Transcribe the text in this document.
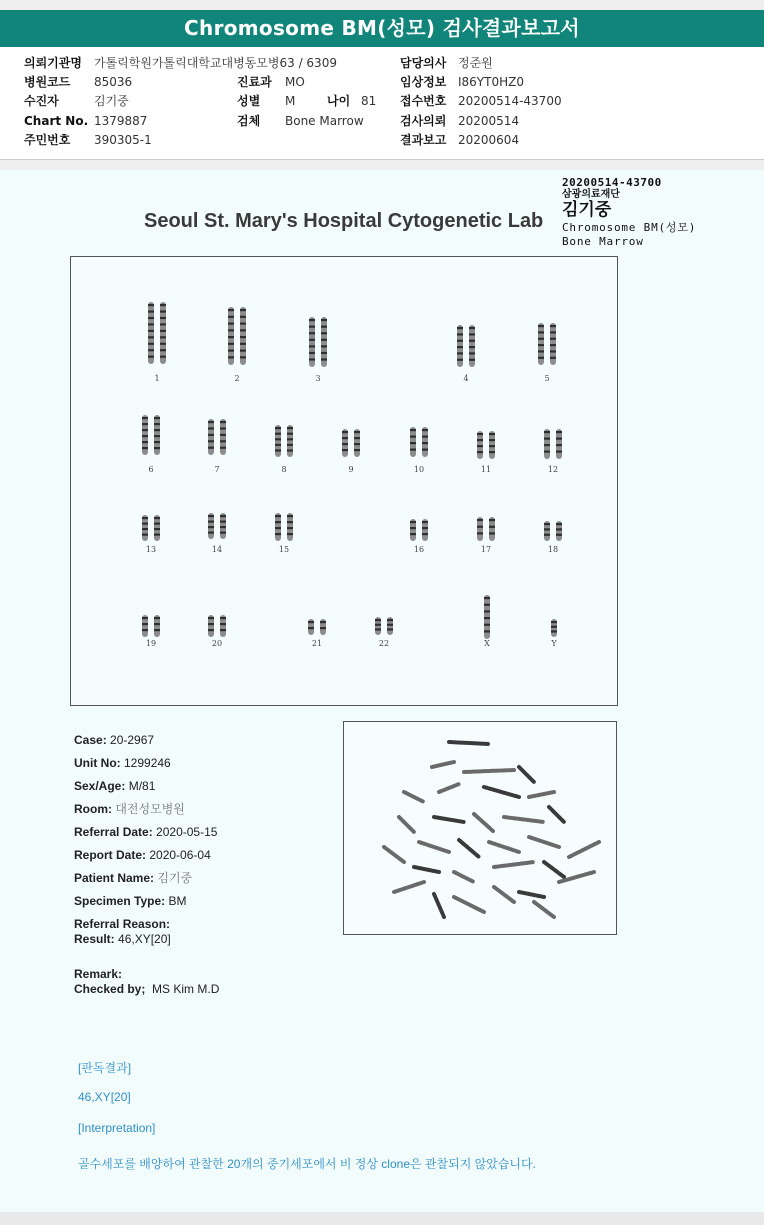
Chromosome BM(성모) 검사결과보고서
의뢰기관명 가톨릭학원가톨릭대학교대병동모병63 / 6309	담당의사 정준원
병원코드 85036	진료과 MO	임상정보 I86YT0HZ0
수진자	김기중	성별 M	나이 81 접수번호 20200514-43700
Chart No. 1379887	검체 Bone Marrow	검사의뢰 20200514
주민번호 390305-1	결과보고 20200604
20200514-43700
삼광의료재단
김기중
Chromosome BM(성모)
Bone Marrow
Seoul St. Mary's Hospital Cytogenetic Lab
1	2	3	4	5
6	7	8	9	10	11	12
13	14	15	16	17	18
19	20	21	22	X	Y
Case: 20-2967
Unit No: 1299246
Sex/Age: M/81
Room: 대전성모병원
Referral Date: 2020-05-15
Report Date: 2020-06-04
Patient Name: 김기중
Specimen Type: BM
Referral Reason:
Result: 46,XY[20]
Remark:
Checked by; MS Kim M.D
[판독결과]
46,XY[20]
[Interpretation]
골수세포를 배양하여 관찰한 20개의 중기세포에서 비 정상 clone은 관찰되지 않았습니다.
